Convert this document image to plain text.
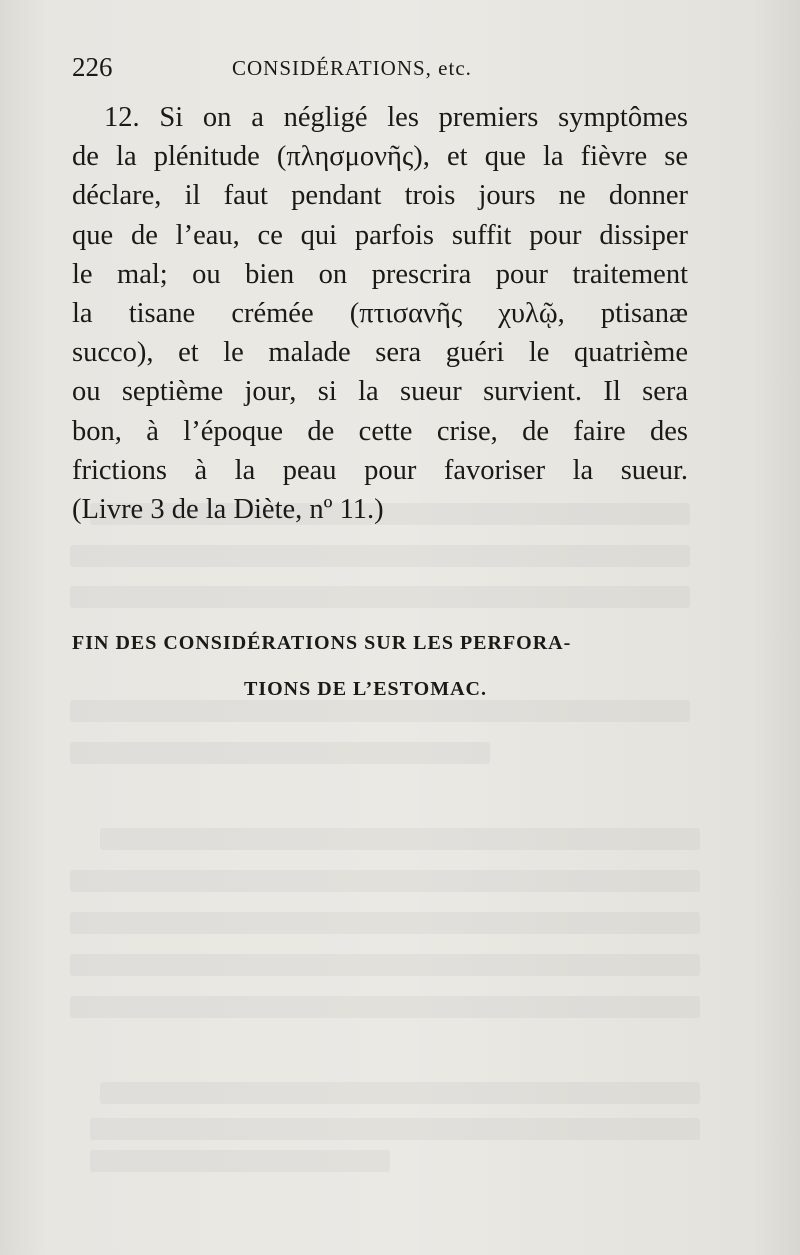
226	CONSIDÉRATIONS, etc.
12. Si on a négligé les premiers symptômes
de la plénitude (πλησμονῆς), et que la fièvre se
déclare, il faut pendant trois jours ne donner
que de l’eau, ce qui parfois suffit pour dissiper
le mal; ou bien on prescrira pour traitement
la tisane crémée (πτισανῆς χυλῷ, ptisanæ
succo), et le malade sera guéri le quatrième
ou septième jour, si la sueur survient. Il sera
bon, à l’époque de cette crise, de faire des
frictions à la peau pour favoriser la sueur.
(Livre 3 de la Diète, nº 11.)
FIN DES CONSIDÉRATIONS SUR LES PERFORA-
TIONS DE L’ESTOMAC.
